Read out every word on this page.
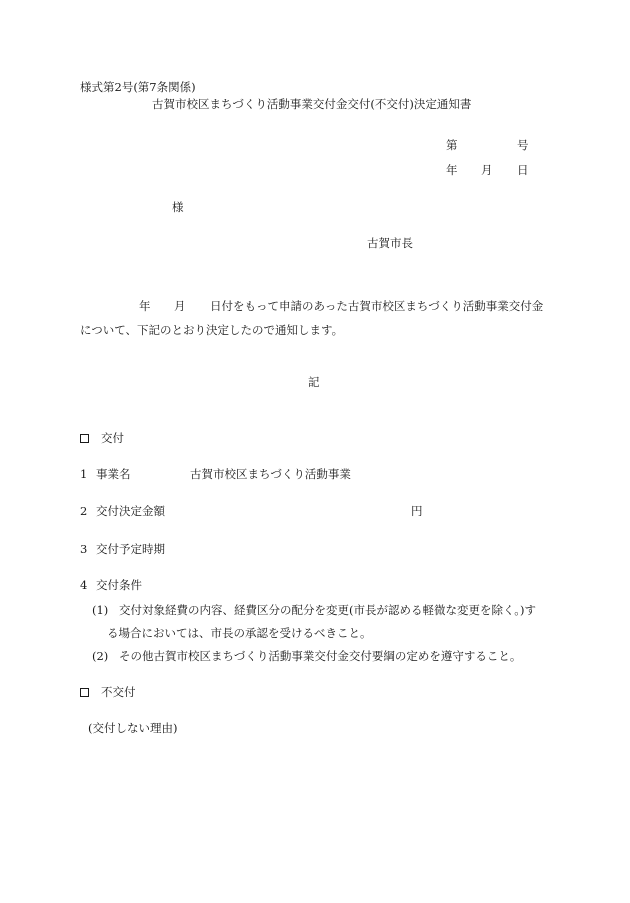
様式第2号(第7条関係)
古賀市校区まちづくり活動事業交付金交付(不交付)決定通知書
第	号
年 月 日
様
古賀市長
年 月 日付をもって申請のあった古賀市校区まちづくり活動事業交付金
について、下記のとおり決定したので通知します。
記
交付
1 事業名	古賀市校区まちづくり活動事業
2 交付決定金額	円
3 交付予定時期
4 交付条件
(1) 交付対象経費の内容、経費区分の配分を変更(市長が認める軽微な変更を除く。)す
る場合においては、市長の承認を受けるべきこと。
(2) その他古賀市校区まちづくり活動事業交付金交付要綱の定めを遵守すること。
不交付
(交付しない理由)
